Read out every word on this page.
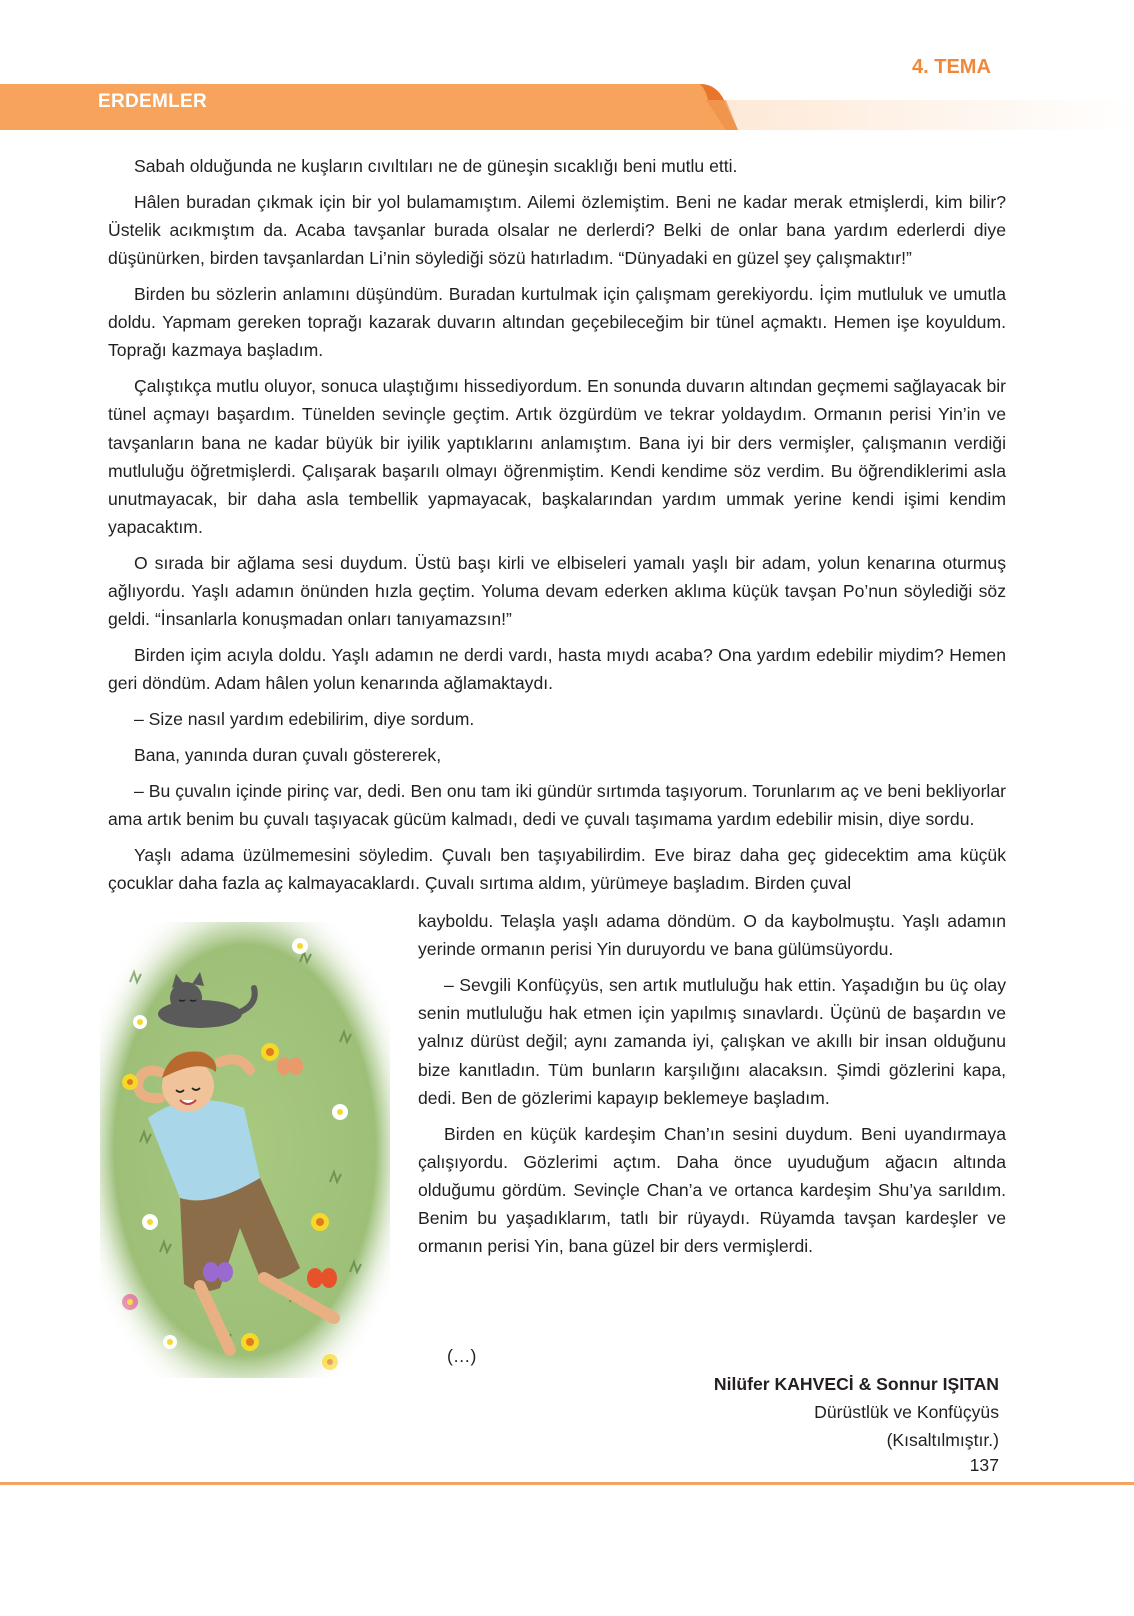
4. TEMA
ERDEMLER

Sabah olduğunda ne kuşların cıvıltıları ne de güneşin sıcaklığı beni mutlu etti.

Hâlen buradan çıkmak için bir yol bulamamıştım. Ailemi özlemiştim. Beni ne kadar merak etmişlerdi, kim bilir? Üstelik acıkmıştım da. Acaba tavşanlar burada olsalar ne derlerdi? Belki de onlar bana yardım ederlerdi diye düşünürken, birden tavşanlardan Li’nin söylediği sözü hatırladım. “Dünyadaki en güzel şey çalışmaktır!”

Birden bu sözlerin anlamını düşündüm. Buradan kurtulmak için çalışmam gerekiyordu. İçim mutluluk ve umutla doldu. Yapmam gereken toprağı kazarak duvarın altından geçebileceğim bir tünel açmaktı. Hemen işe koyuldum. Toprağı kazmaya başladım.

Çalıştıkça mutlu oluyor, sonuca ulaştığımı hissediyordum. En sonunda duvarın altından geçmemi sağlayacak bir tünel açmayı başardım. Tünelden sevinçle geçtim. Artık özgürdüm ve tekrar yoldaydım. Ormanın perisi Yin’in ve tavşanların bana ne kadar büyük bir iyilik yaptıklarını anlamıştım. Bana iyi bir ders vermişler, çalışmanın verdiği mutluluğu öğretmişlerdi. Çalışarak başarılı olmayı öğrenmiştim. Kendi kendime söz verdim. Bu öğrendiklerimi asla unutmayacak, bir daha asla tembellik yapmayacak, başkalarından yardım ummak yerine kendi işimi kendim yapacaktım.

O sırada bir ağlama sesi duydum. Üstü başı kirli ve elbiseleri yamalı yaşlı bir adam, yolun kenarına oturmuş ağlıyordu. Yaşlı adamın önünden hızla geçtim. Yoluma devam ederken aklıma küçük tavşan Po’nun söylediği söz geldi. “İnsanlarla konuşmadan onları tanıyamazsın!”

Birden içim acıyla doldu. Yaşlı adamın ne derdi vardı, hasta mıydı acaba? Ona yardım edebilir miydim? Hemen geri döndüm. Adam hâlen yolun kenarında ağlamaktaydı.

– Size nasıl yardım edebilirim, diye sordum.

Bana, yanında duran çuvalı göstererek,

– Bu çuvalın içinde pirinç var, dedi. Ben onu tam iki gündür sırtımda taşıyorum. Torunlarım aç ve beni bekliyorlar ama artık benim bu çuvalı taşıyacak gücüm kalmadı, dedi ve çuvalı taşımama yardım edebilir misin, diye sordu.

Yaşlı adama üzülmemesini söyledim. Çuvalı ben taşıyabilirdim. Eve biraz daha geç gidecektim ama küçük çocuklar daha fazla aç kalmayacaklardı. Çuvalı sırtıma aldım, yürümeye başladım. Birden çuval

kayboldu. Telaşla yaşlı adama döndüm. O da kaybolmuştu. Yaşlı adamın yerinde ormanın perisi Yin duruyordu ve bana gülümsüyordu.

– Sevgili Konfüçyüs, sen artık mutluluğu hak ettin. Yaşadığın bu üç olay senin mutluluğu hak etmen için yapılmış sınavlardı. Üçünü de başardın ve yalnız dürüst değil; aynı zamanda iyi, çalışkan ve akıllı bir insan olduğunu bize kanıtladın. Tüm bunların karşılığını alacaksın. Şimdi gözlerini kapa, dedi. Ben de gözlerimi kapayıp beklemeye başladım.

Birden en küçük kardeşim Chan’ın sesini duydum. Beni uyandırmaya çalışıyordu. Gözlerimi açtım. Daha önce uyuduğum ağacın altında olduğumu gördüm. Sevinçle Chan’a ve ortanca kardeşim Shu’ya sarıldım. Benim bu yaşadıklarım, tatlı bir rüyaydı. Rüyamda tavşan kardeşler ve ormanın perisi Yin, bana güzel bir ders vermişlerdi.

(…)
Nilüfer KAHVECİ & Sonnur IŞITAN
Dürüstlük ve Konfüçyüs
(Kısaltılmıştır.)
137
